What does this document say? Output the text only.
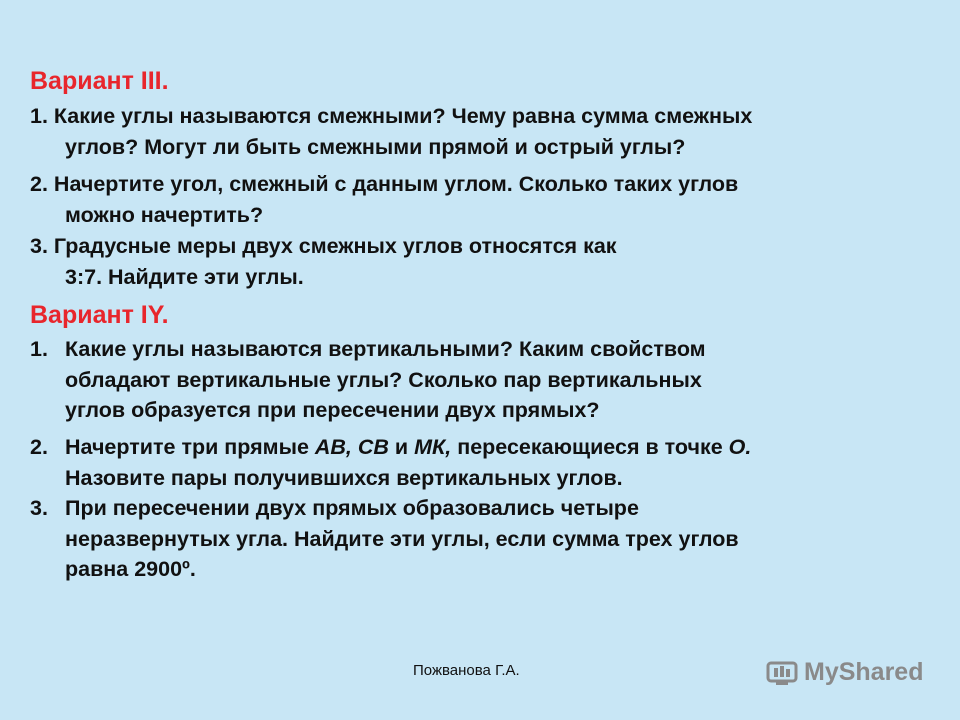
Вариант III.
1. Какие углы называются смежными? Чему равна сумма смежных
углов? Могут ли быть смежными прямой и острый углы?
2. Начертите угол, смежный с данным углом. Сколько таких углов
можно начертить?
3. Градусные меры двух смежных углов относятся как
3:7. Найдите эти углы.
Вариант IY.
1. Какие углы называются вертикальными? Каким свойством
обладают вертикальные углы? Сколько пар вертикальных
углов образуется при пересечении двух прямых?
2. Начертите три прямые АВ, СВ и МК, пересекающиеся в точке О.
Назовите пары получившихся вертикальных углов.
3. При пересечении двух прямых образовались четыре
неразвернутых угла. Найдите эти углы, если сумма трех углов
равна 2900º.
Пожванова Г.А.	MyShared
